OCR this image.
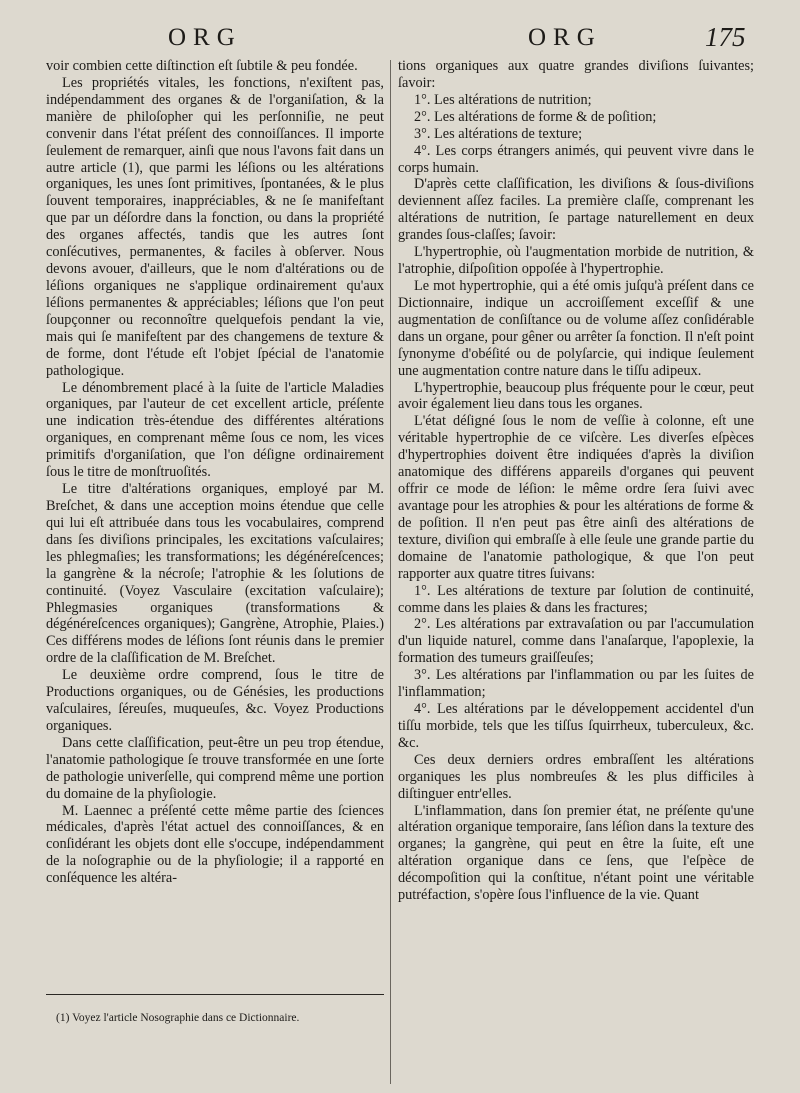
ORG	ORG	175

voir combien cette diſtinction eſt ſubtile & peu fondée.

Les propriétés vitales, les fonctions, n'exiſtent pas, indépendamment des organes & de l'organiſation, & la manière de philoſopher qui les perſonniſie, ne peut convenir dans l'état préſent des connoiſſances. Il importe ſeulement de remarquer, ainſi que nous l'avons fait dans un autre article (1), que parmi les léſions ou les altérations organiques, les unes ſont primitives, ſpontanées, & le plus ſouvent temporaires, inappréciables, & ne ſe manifeſtant que par un déſordre dans la fonction, ou dans la propriété des organes affectés, tandis que les autres ſont conſécutives, permanentes, & faciles à obſerver. Nous devons avouer, d'ailleurs, que le nom d'altérations ou de léſions organiques ne s'applique ordinairement qu'aux léſions permanentes & appréciables; léſions que l'on peut ſoupçonner ou reconnoître quelquefois pendant la vie, mais qui ſe manifeſtent par des changemens de texture & de forme, dont l'étude eſt l'objet ſpécial de l'anatomie pathologique.

Le dénombrement placé à la ſuite de l'article Maladies organiques, par l'auteur de cet excellent article, préſente une indication très-étendue des différentes altérations organiques, en comprenant même ſous ce nom, les vices primitifs d'organiſation, que l'on déſigne ordinairement ſous le titre de monſtruoſités.

Le titre d'altérations organiques, employé par M. Breſchet, & dans une acception moins étendue que celle qui lui eſt attribuée dans tous les vocabulaires, comprend dans ſes diviſions principales, les excitations vaſculaires; les phlegmaſies; les transformations; les dégénéreſcences; la gangrène & la nécroſe; l'atrophie & les ſolutions de continuité. (Voyez Vasculaire (excitation vaſculaire); Phlegmasies organiques (transformations & dégénéreſcences organiques); Gangrène, Atrophie, Plaies.) Ces différens modes de léſions ſont réunis dans le premier ordre de la claſſification de M. Breſchet.

Le deuxième ordre comprend, ſous le titre de Productions organiques, ou de Génésies, les productions vaſculaires, ſéreuſes, muqueuſes, &c. Voyez Productions organiques.

Dans cette claſſification, peut-être un peu trop étendue, l'anatomie pathologique ſe trouve transformée en une ſorte de pathologie univerſelle, qui comprend même une portion du domaine de la phyſiologie.

M. Laennec a préſenté cette même partie des ſciences médicales, d'après l'état actuel des connoiſſances, & en conſidérant les objets dont elle s'occupe, indépendamment de la noſographie ou de la phyſiologie; il a rapporté en conſéquence les altéra-

tions organiques aux quatre grandes diviſions ſuivantes; ſavoir:

1°. Les altérations de nutrition;

2°. Les altérations de forme & de poſition;

3°. Les altérations de texture;

4°. Les corps étrangers animés, qui peuvent vivre dans le corps humain.

D'après cette claſſification, les diviſions & ſous-diviſions deviennent aſſez faciles. La première claſſe, comprenant les altérations de nutrition, ſe partage naturellement en deux grandes ſous-claſſes; ſavoir:

L'hypertrophie, où l'augmentation morbide de nutrition, & l'atrophie, diſpoſition oppoſée à l'hypertrophie.

Le mot hypertrophie, qui a été omis juſqu'à préſent dans ce Dictionnaire, indique un accroiſſement exceſſif & une augmentation de conſiſtance ou de volume aſſez conſidérable dans un organe, pour gêner ou arrêter ſa fonction. Il n'eſt point ſynonyme d'obéſité ou de polyſarcie, qui indique ſeulement une augmentation contre nature dans le tiſſu adipeux.

L'hypertrophie, beaucoup plus fréquente pour le cœur, peut avoir également lieu dans tous les organes.

L'état déſigné ſous le nom de veſſie à colonne, eſt une véritable hypertrophie de ce viſcère. Les diverſes eſpèces d'hypertrophies doivent être indiquées d'après la diviſion anatomique des différens appareils d'organes qui peuvent offrir ce mode de léſion: le même ordre ſera ſuivi avec avantage pour les atrophies & pour les altérations de forme & de poſition. Il n'en peut pas être ainſi des altérations de texture, diviſion qui embraſſe à elle ſeule une grande partie du domaine de l'anatomie pathologique, & que l'on peut rapporter aux quatre titres ſuivans:

1°. Les altérations de texture par ſolution de continuité, comme dans les plaies & dans les fractures;

2°. Les altérations par extravaſation ou par l'accumulation d'un liquide naturel, comme dans l'anaſarque, l'apoplexie, la formation des tumeurs graiſſeuſes;

3°. Les altérations par l'inflammation ou par les ſuites de l'inflammation;

4°. Les altérations par le développement accidentel d'un tiſſu morbide, tels que les tiſſus ſquirrheux, tuberculeux, &c. &c.

Ces deux derniers ordres embraſſent les altérations organiques les plus nombreuſes & les plus difficiles à diſtinguer entr'elles.

L'inflammation, dans ſon premier état, ne préſente qu'une altération organique temporaire, ſans léſion dans la texture des organes; la gangrène, qui peut en être la ſuite, eſt une altération organique dans ce ſens, que l'eſpèce de décompoſition qui la conſtitue, n'étant point une véritable putréfaction, s'opère ſous l'influence de la vie. Quant

(1) Voyez l'article Nosographie dans ce Dictionnaire.
